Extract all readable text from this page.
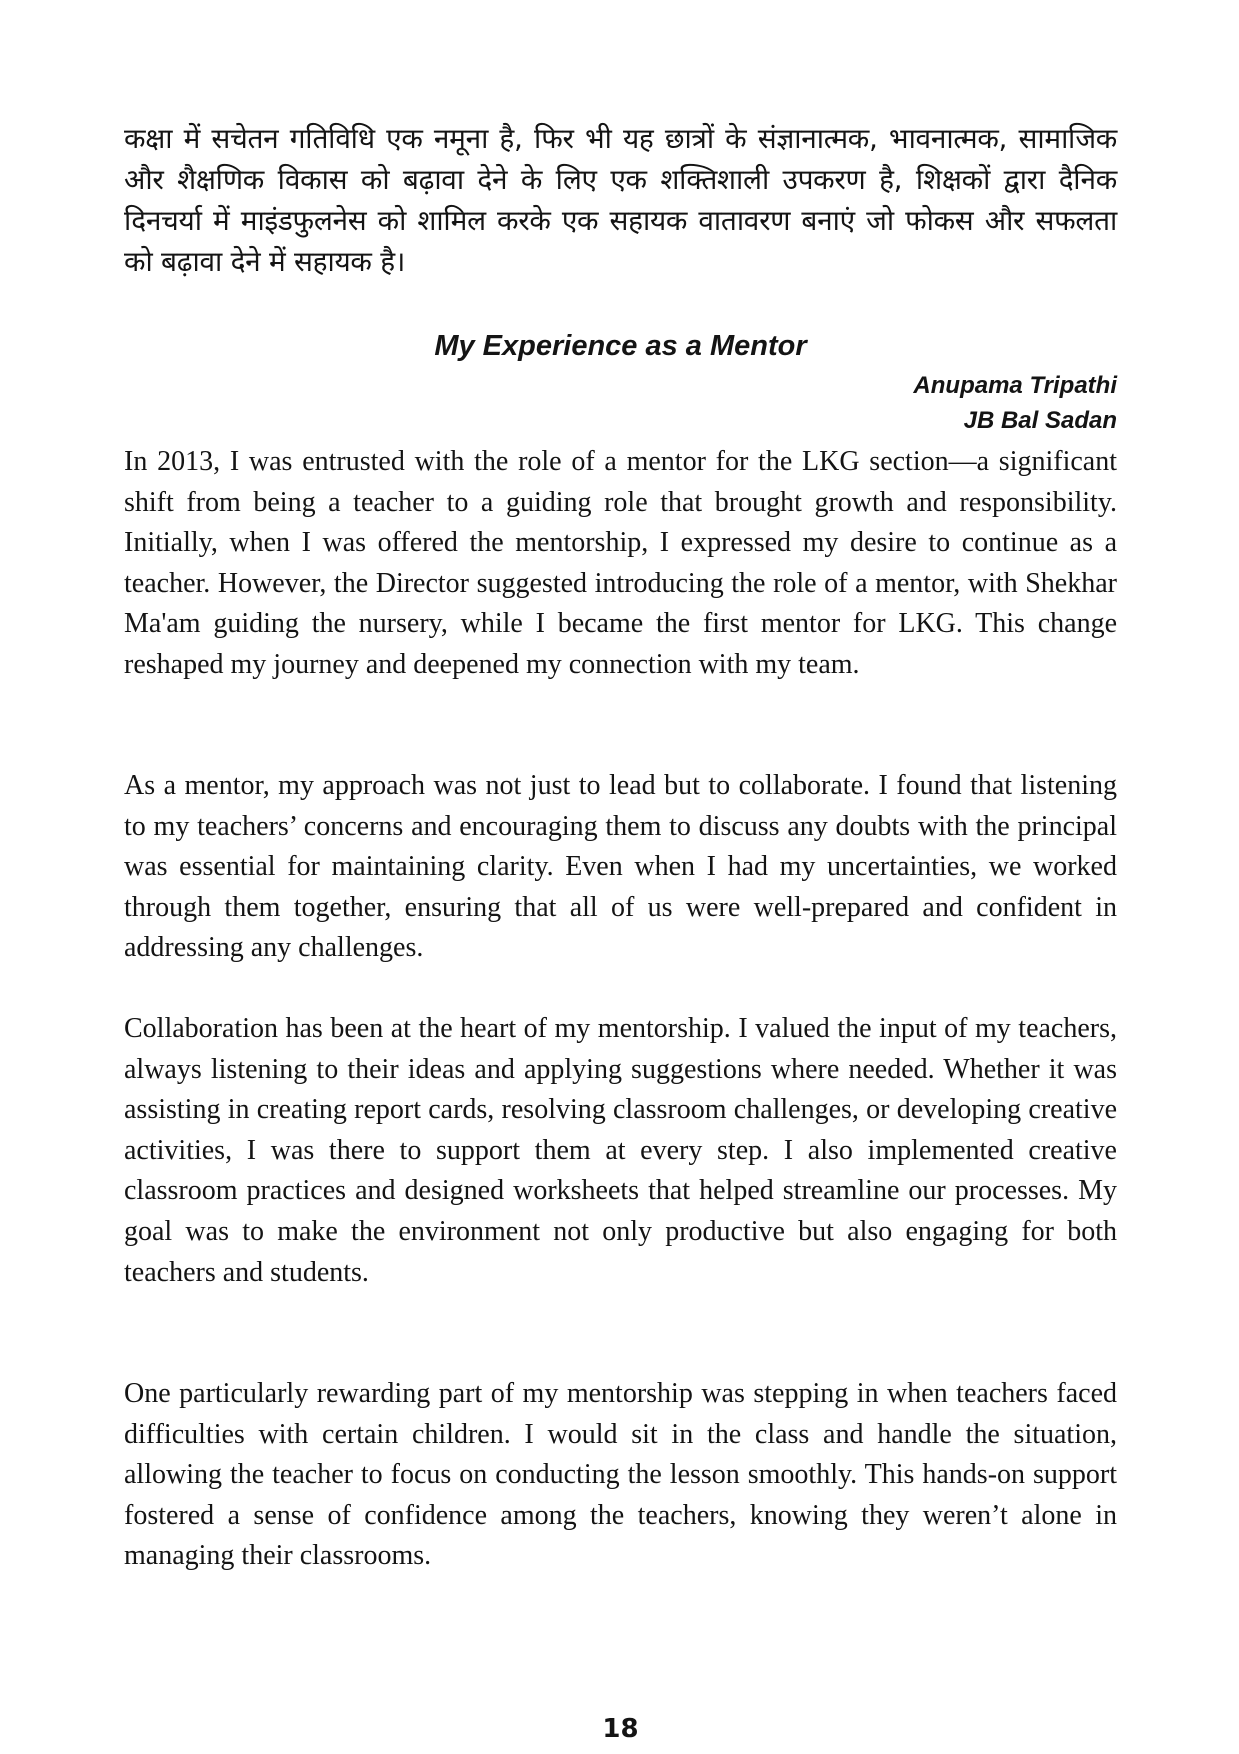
कक्षा में सचेतन गतिविधि एक नमूना है, फिर भी यह छात्रों के संज्ञानात्मक, भावनात्मक, सामाजिक और शैक्षणिक विकास को बढ़ावा देने के लिए एक शक्तिशाली उपकरण है, शिक्षकों द्वारा दैनिक दिनचर्या में माइंडफुलनेस को शामिल करके एक सहायक वातावरण बनाएं जो फोकस और सफलता को बढ़ावा देने में सहायक है।

My Experience as a Mentor

Anupama Tripathi

JB Bal Sadan

In 2013, I was entrusted with the role of a mentor for the LKG section—a significant shift from being a teacher to a guiding role that brought growth and responsibility. Initially, when I was offered the mentorship, I expressed my desire to continue as a teacher. However, the Director suggested introducing the role of a mentor, with Shekhar Ma'am guiding the nursery, while I became the first mentor for LKG. This change reshaped my journey and deepened my connection with my team.

As a mentor, my approach was not just to lead but to collaborate. I found that listening to my teachers’ concerns and encouraging them to discuss any doubts with the principal was essential for maintaining clarity. Even when I had my uncertainties, we worked through them together, ensuring that all of us were well-prepared and confident in addressing any challenges.

Collaboration has been at the heart of my mentorship. I valued the input of my teachers, always listening to their ideas and applying suggestions where needed. Whether it was assisting in creating report cards, resolving classroom challenges, or developing creative activities, I was there to support them at every step. I also implemented creative classroom practices and designed worksheets that helped streamline our processes. My goal was to make the environment not only productive but also engaging for both teachers and students.

One particularly rewarding part of my mentorship was stepping in when teachers faced difficulties with certain children. I would sit in the class and handle the situation, allowing the teacher to focus on conducting the lesson smoothly. This hands-on support fostered a sense of confidence among the teachers, knowing they weren’t alone in managing their classrooms.

18
